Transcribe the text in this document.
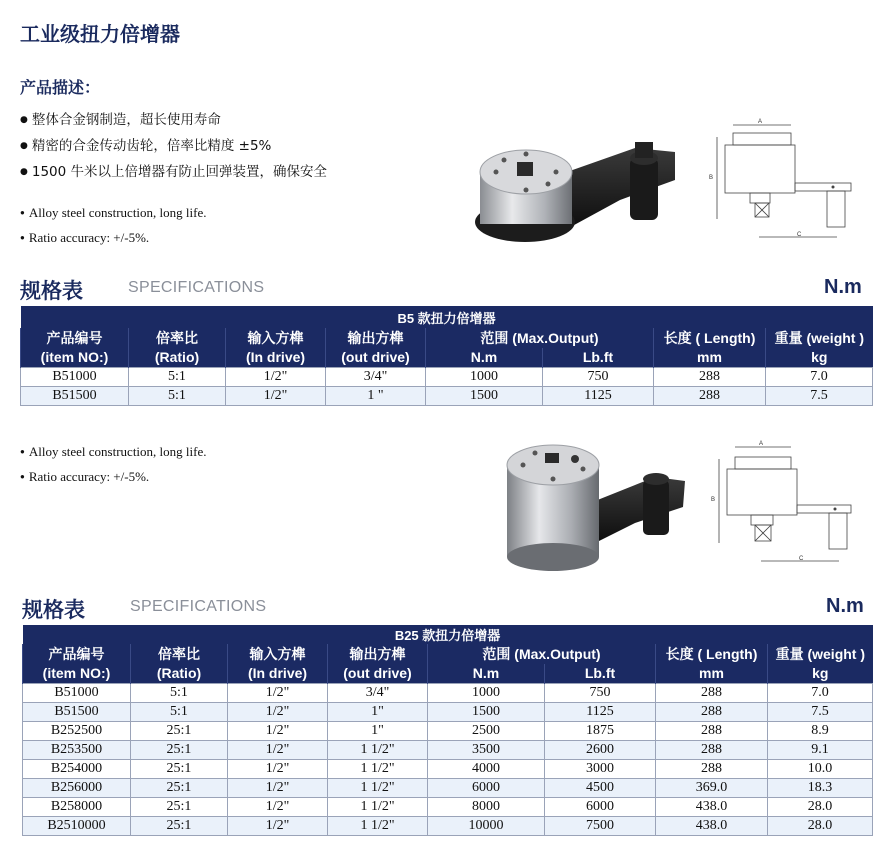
工业级扭力倍增器
产品描述：
● 整体合金钢制造，超长使用寿命
● 精密的合金传动齿轮，倍率比精度 ±5%
● 1500 牛米以上倍增器有防止回弹装置，确保安全
● Alloy steel construction, long life.
● Ratio accuracy: +/-5%.
A
B
C
规格表	SPECIFICATIONS	N.m
B5 款扭力倍增器							
产品编号	倍率比	输入方榫	输出方榫	范围 (Max.Output)		长度 ( Length)	重量 (weight )
(item NO:)	(Ratio)	(In drive)	(out drive)	N.m	Lb.ft	mm	kg
B51000	5:1	1/2"	3/4"	1000	750	288	7.0
B51500	5:1	1/2"	1 "	1500	1125	288	7.5
● Alloy steel construction, long life.
● Ratio accuracy: +/-5%.
A
B
C
规格表	SPECIFICATIONS	N.m
B25 款扭力倍增器							
产品编号	倍率比	输入方榫	输出方榫	范围 (Max.Output)		长度 ( Length)	重量 (weight )
(item NO:)	(Ratio)	(In drive)	(out drive)	N.m	Lb.ft	mm	kg
B51000	5:1	1/2"	3/4"	1000	750	288	7.0
B51500	5:1	1/2"	1"	1500	1125	288	7.5
B252500	25:1	1/2"	1"	2500	1875	288	8.9
B253500	25:1	1/2"	1 1/2"	3500	2600	288	9.1
B254000	25:1	1/2"	1 1/2"	4000	3000	288	10.0
B256000	25:1	1/2"	1 1/2"	6000	4500	369.0	18.3
B258000	25:1	1/2"	1 1/2"	8000	6000	438.0	28.0
B2510000	25:1	1/2"	1 1/2"	10000	7500	438.0	28.0
